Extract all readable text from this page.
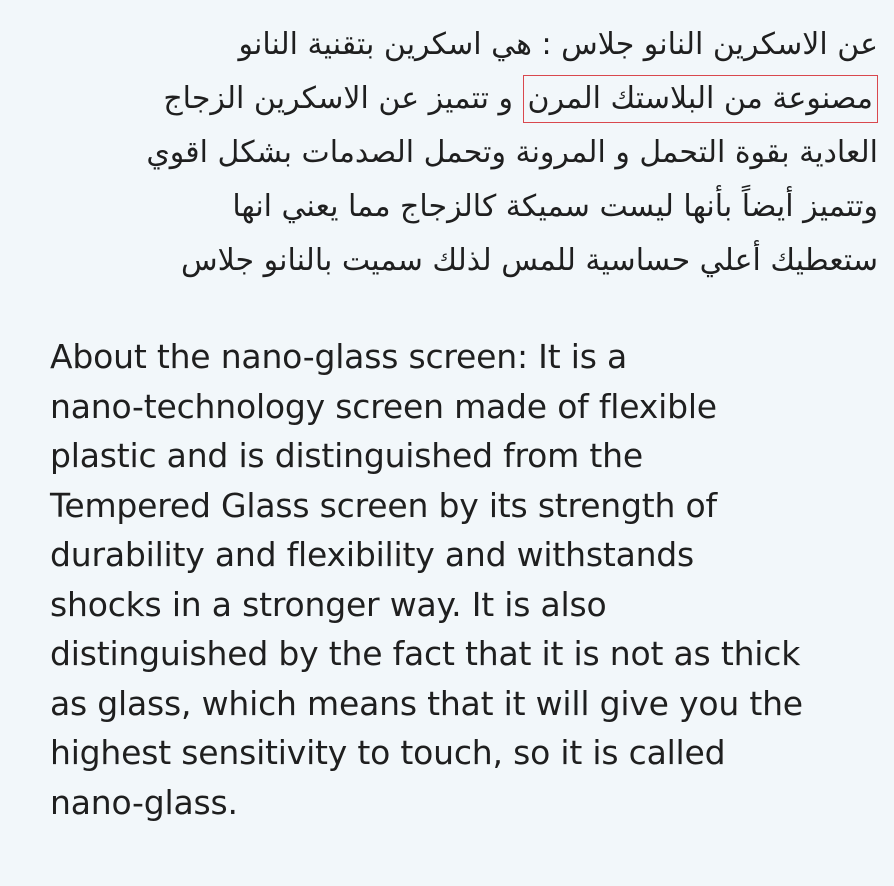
عن الاسكرين النانو جلاس : هي اسكرين بتقنية النانو
مصنوعة من البلاستك المرن و تتميز عن الاسكرين الزجاج
العادية بقوة التحمل و المرونة وتحمل الصدمات بشكل اقوي
وتتميز أيضاً بأنها ليست سميكة كالزجاج مما يعني انها
ستعطيك أعلي حساسية للمس لذلك سميت بالنانو جلاس
About the nano-glass screen: It is a
nano-technology screen made of flexible
plastic and is distinguished from the
Tempered Glass screen by its strength of
durability and flexibility and withstands
shocks in a stronger way. It is also
distinguished by the fact that it is not as thick
as glass, which means that it will give you the
highest sensitivity to touch, so it is called
nano-glass.
